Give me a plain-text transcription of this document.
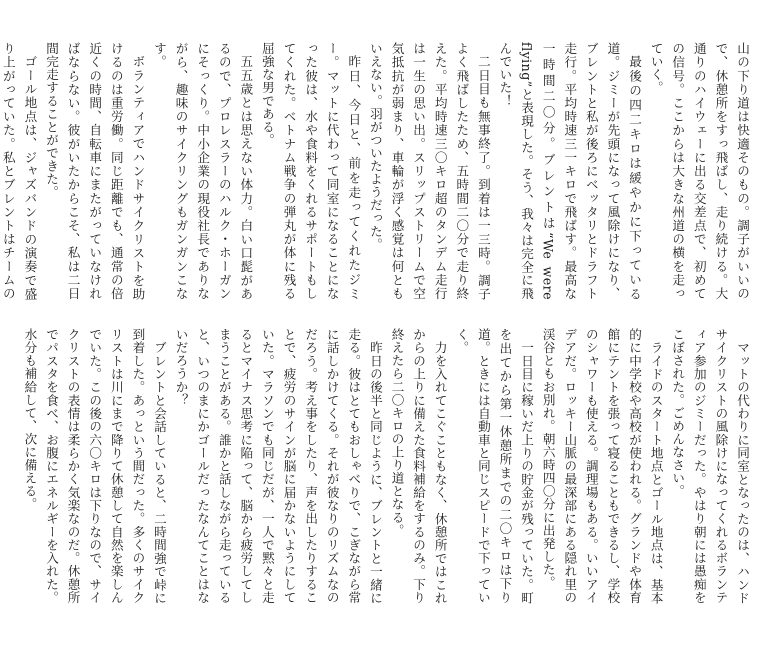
山の下り道は快適そのもの。調子がいいので、休憩所をすっ飛ばし、走り続ける。大通りのハイウェーに出る交差点で、初めての信号。ここからは大きな州道の横を走っていく。

最後の四二キロは緩やかに下っている道。ジミーが先頭になって風除けになり、ブレントと私が後ろにベッタリとドラフト走行。平均時速三一キロで飛ばす。最高な一時間二〇分。ブレントは“We were flying”と表現した。そう、我々は完全に飛んでいた！

二日目も無事終了。到着は一三時。調子よく飛ばしたため、五時間二〇分で走り終えた。平均時速三〇キロ超のタンデム走行は一生の思い出。スリップストリームで空気抵抗が弱まり、車輪が浮く感覚は何ともいえない。羽がついたようだった。

昨日、今日と、前を走ってくれたジミー。マットに代わって同室になることになった彼は、水や食料をくれるサポートもしてくれた。ベトナム戦争の弾丸が体に残る屈強な男である。

五五歳とは思えない体力。白い口髭があるので、プロレスラーのハルク・ホーガンにそっくり。中小企業の現役社長でありながら、趣味のサイクリングもガンガンこなす。

ボランティアでハンドサイクリストを助けるのは重労働。同じ距離でも、通常の倍近くの時間、自転車にまたがっていなければならない。彼がいたからこそ、私は二日間完走することができた。

ゴール地点は、ジャズバンドの演奏で盛り上がっていた。私とブレントはチームの

マットの代わりに同室となったのは、ハンドサイクリストの風除けになってくれるボランティア参加のジミーだった。やはり朝には愚痴をこぼされた。ごめんなさい。

ライドのスタート地点とゴール地点は、基本的に中学校や高校が使われる。グランドや体育館にテントを張って寝ることもできるし、学校のシャワーも使える。調理場もある。いいアイデアだ。ロッキー山脈の最深部にある隠れ里の渓谷ともお別れ。朝六時四〇分に出発した。

一日目に稼いだ上りの貯金が残っていた。町を出てから第一休憩所までの二〇キロは下り道。ときには自動車と同じスピードで下っていく。

力を入れてこぐこともなく、休憩所ではこれからの上りに備えた食料補給をするのみ。下り終えたら二〇キロの上り道となる。

昨日の後半と同じように、ブレントと一緒に走る。彼はとてもおしゃべりで、こぎながら常に話しかけてくる。それが彼なりのリズムなのだろう。考え事をしたり、声を出したりすることで、疲労のサインが脳に届かないようにしていた。マラソンでも同じだが、一人で黙々と走るとマイナス思考に陥って、脳から疲労してしまうことがある。誰かと話しながら走っていると、いつのまにかゴールだったなんてことはないだろうか？

ブレントと会話していると、二時間強で峠に到着した。あっという間だった。多くのサイクリストは川にまで降りて休憩して自然を楽しんでいた。この後の六〇キロは下りなので、サイクリストの表情は柔らかく気楽なのだ。休憩所でパスタを食べ、お腹にエネルギーを入れた。水分も補給して、次に備える。
